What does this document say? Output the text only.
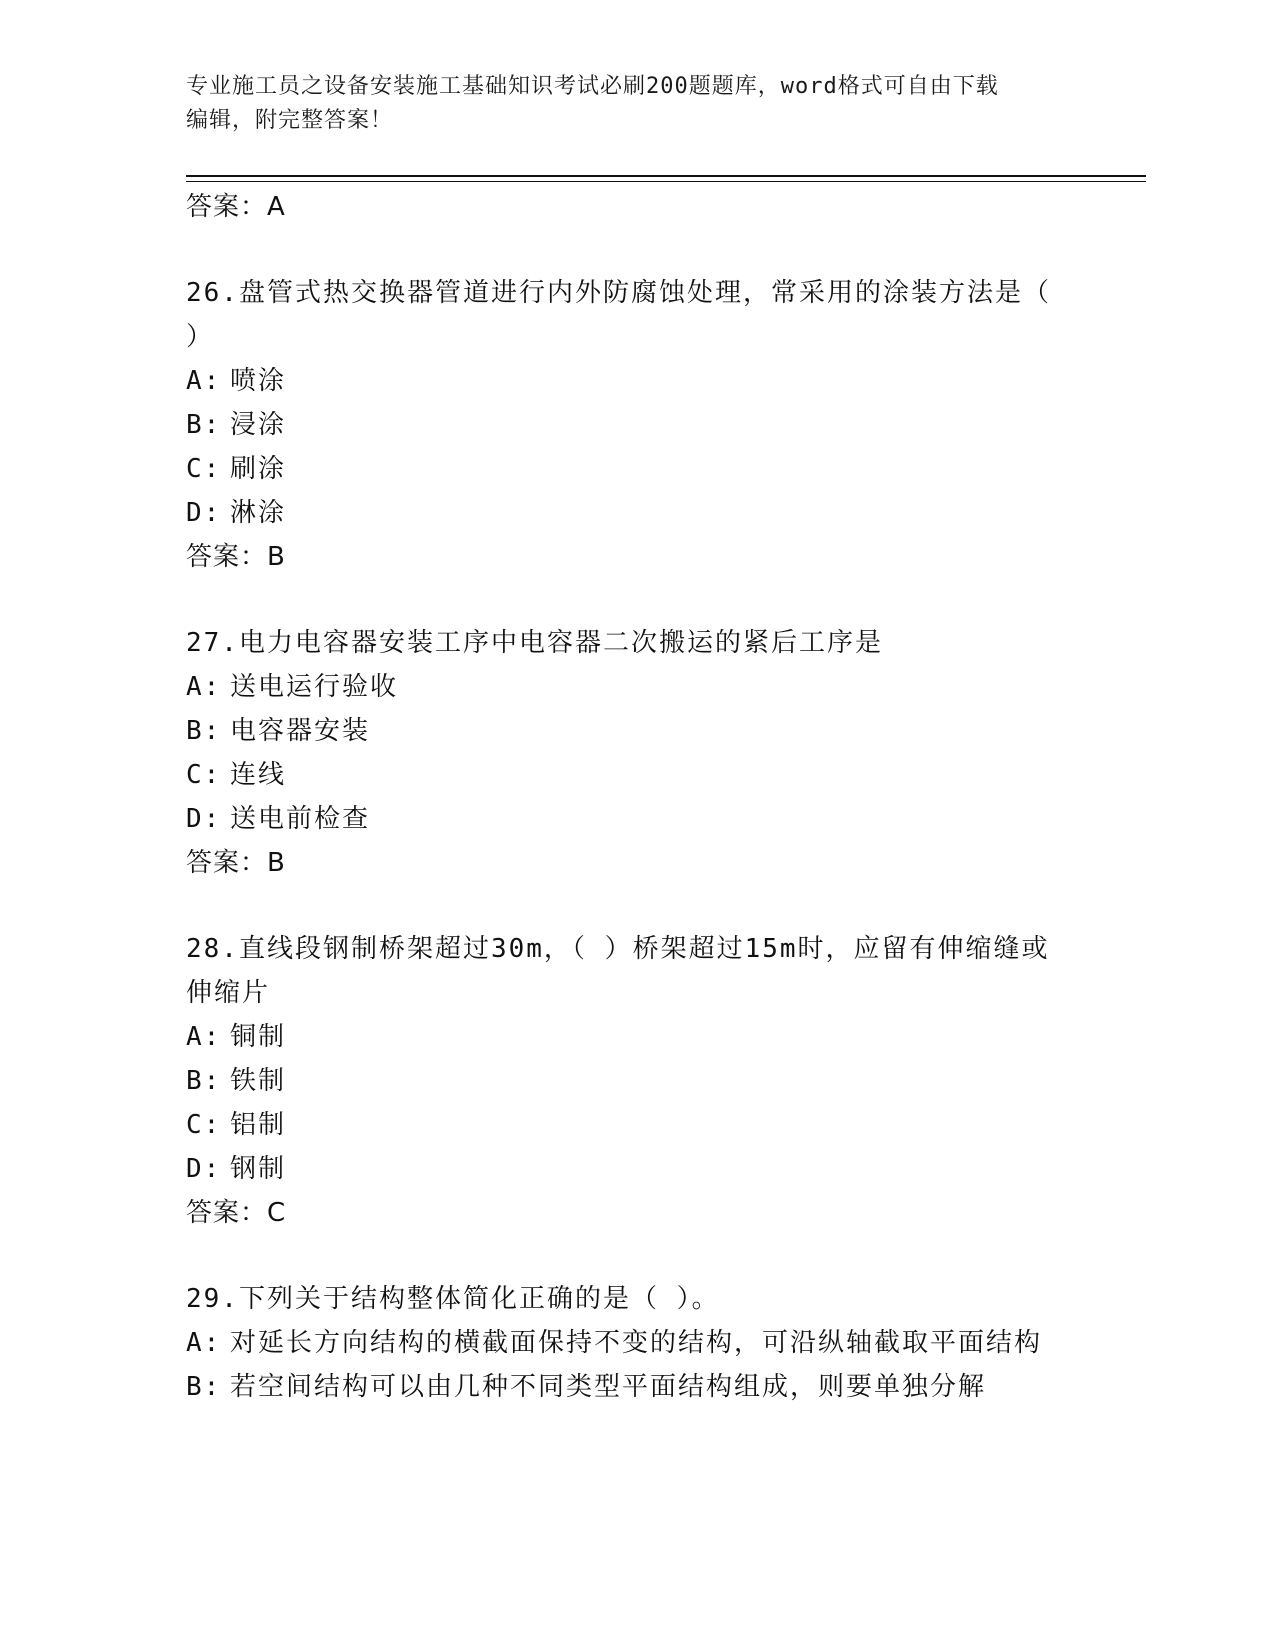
专业施工员之设备安装施工基础知识考试必刷200题题库，word格式可自由下载
编辑，附完整答案！
答案：A
26.盘管式热交换器管道进行内外防腐蚀处理，常采用的涂装方法是（
）
A: 喷涂
B: 浸涂
C: 刷涂
D: 淋涂
答案：B
27.电力电容器安装工序中电容器二次搬运的紧后工序是
A: 送电运行验收
B: 电容器安装
C: 连线
D: 送电前检查
答案：B
28.直线段钢制桥架超过30m，（ ）桥架超过15m时，应留有伸缩缝或
伸缩片
A: 铜制
B: 铁制
C: 铝制
D: 钢制
答案：C
29.下列关于结构整体简化正确的是（ ）。
A: 对延长方向结构的横截面保持不变的结构，可沿纵轴截取平面结构
B: 若空间结构可以由几种不同类型平面结构组成，则要单独分解
